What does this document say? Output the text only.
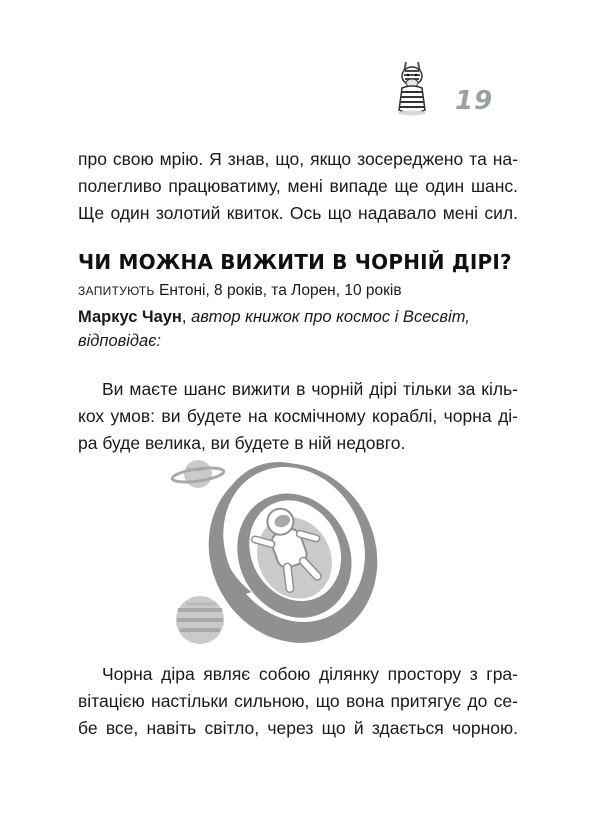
19

про свою мрію. Я знав, що, якщо зосереджено та на-
полегливо працюватиму, мені випаде ще один шанс.
Ще один золотий квиток. Ось що надавало мені сил.

ЧИ МОЖНА ВИЖИТИ В ЧОРНІЙ ДІРІ?
ЗАПИТУЮТЬ Ентоні, 8 років, та Лорен, 10 років
Маркус Чаун, автор книжок про космос і Всесвіт,
відповідає:

Ви маєте шанс вижити в чорній дірі тільки за кіль-
кох умов: ви будете на космічному кораблі, чорна ді-
ра буде велика, ви будете в ній недовго.

Чорна діра являє собою ділянку простору з гра-
вітацією настільки сильною, що вона притягує до се-
бе все, навіть світло, через що й здається чорною.
